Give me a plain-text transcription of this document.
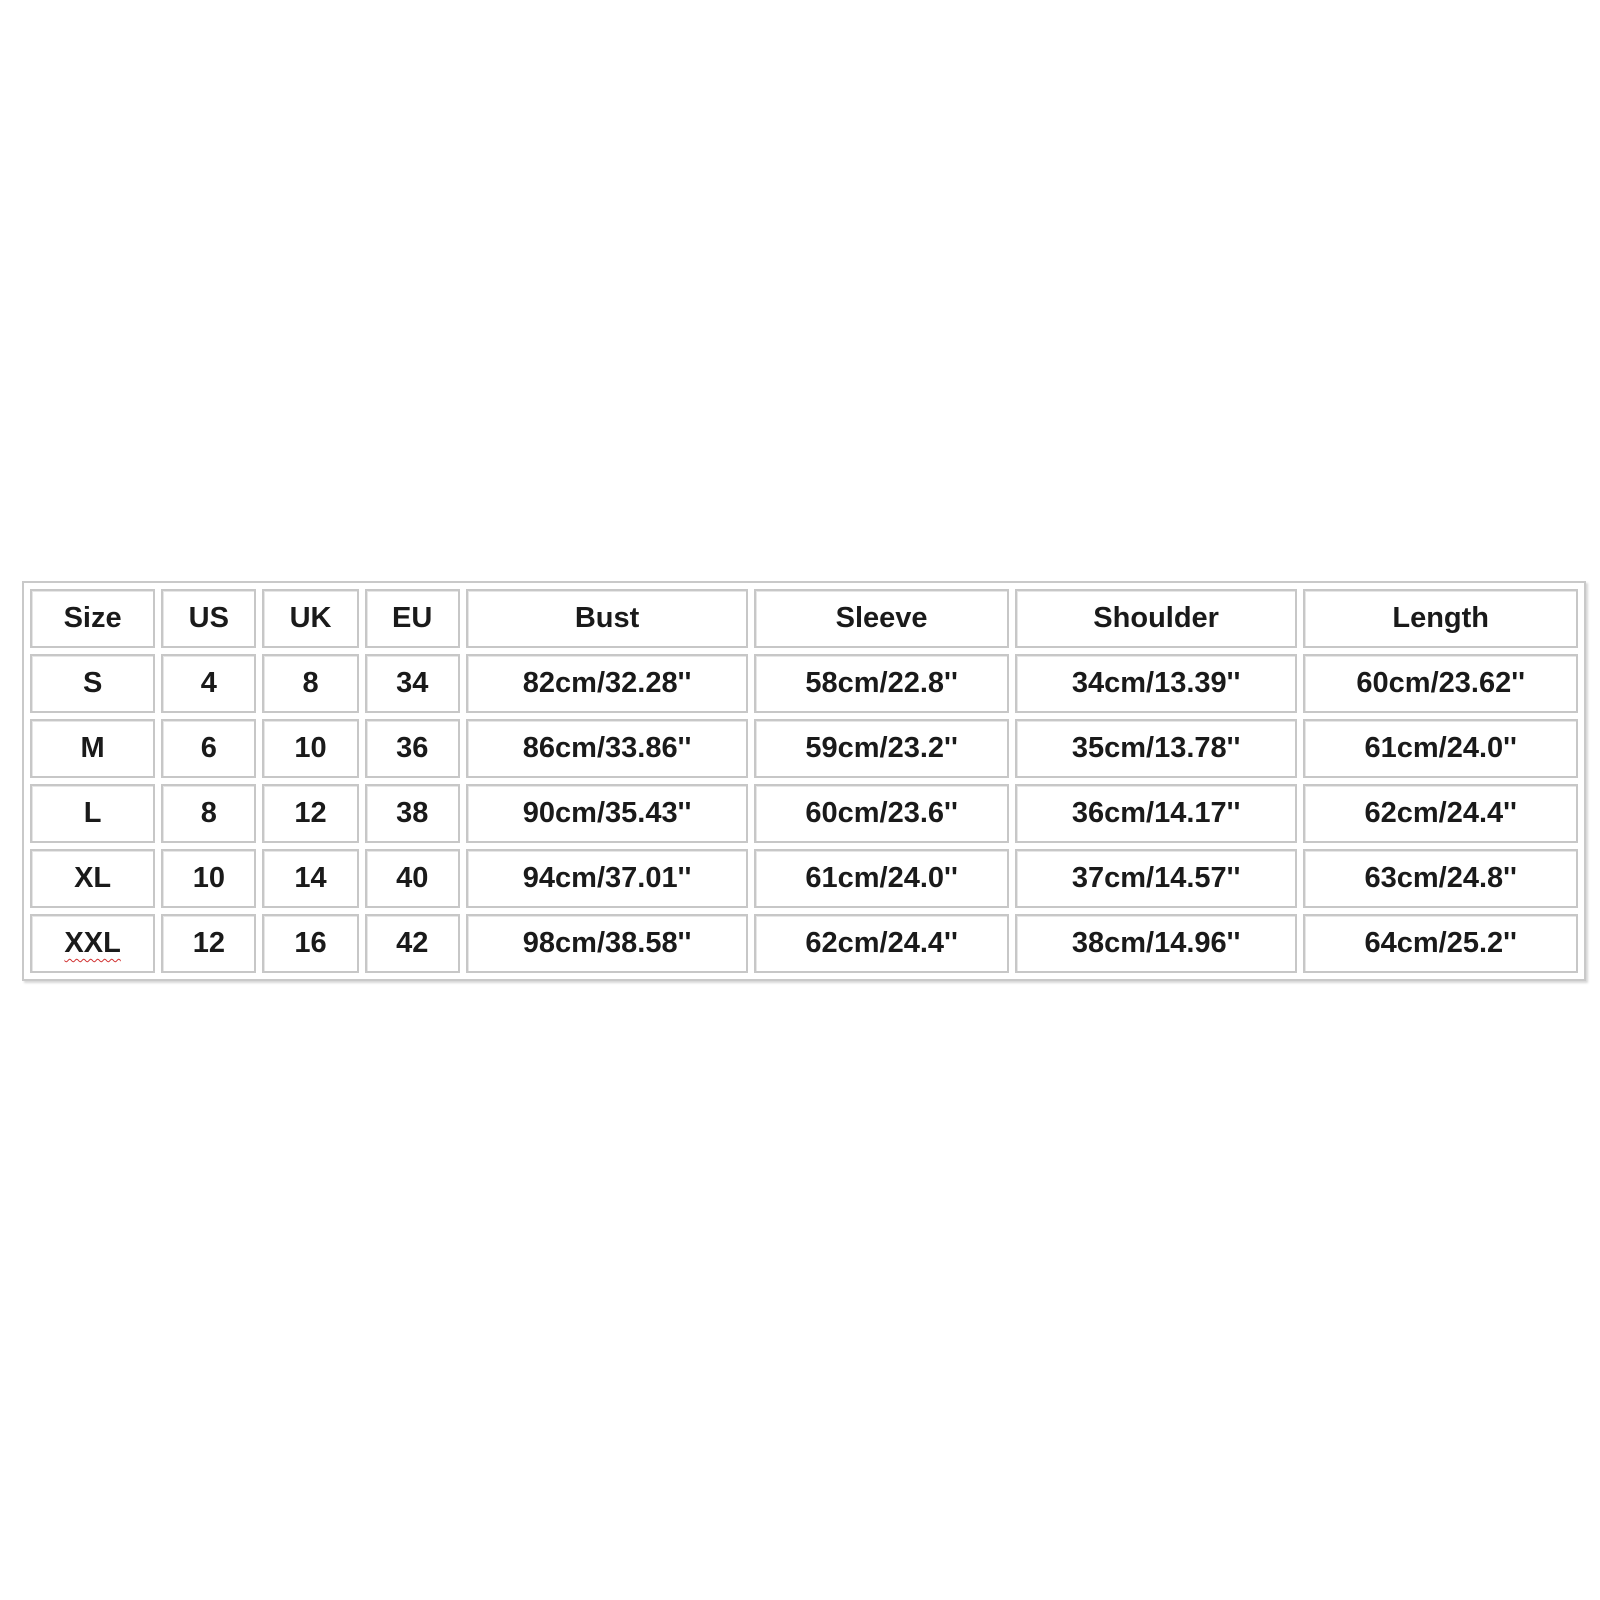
Size	US	UK	EU	Bust	Sleeve	Shoulder	Length
S	4	8	34	82cm/32.28''	58cm/22.8''	34cm/13.39''	60cm/23.62''
M	6	10	36	86cm/33.86''	59cm/23.2''	35cm/13.78''	61cm/24.0''
L	8	12	38	90cm/35.43''	60cm/23.6''	36cm/14.17''	62cm/24.4''
XL	10	14	40	94cm/37.01''	61cm/24.0''	37cm/14.57''	63cm/24.8''
XXL	12	16	42	98cm/38.58''	62cm/24.4''	38cm/14.96''	64cm/25.2''
